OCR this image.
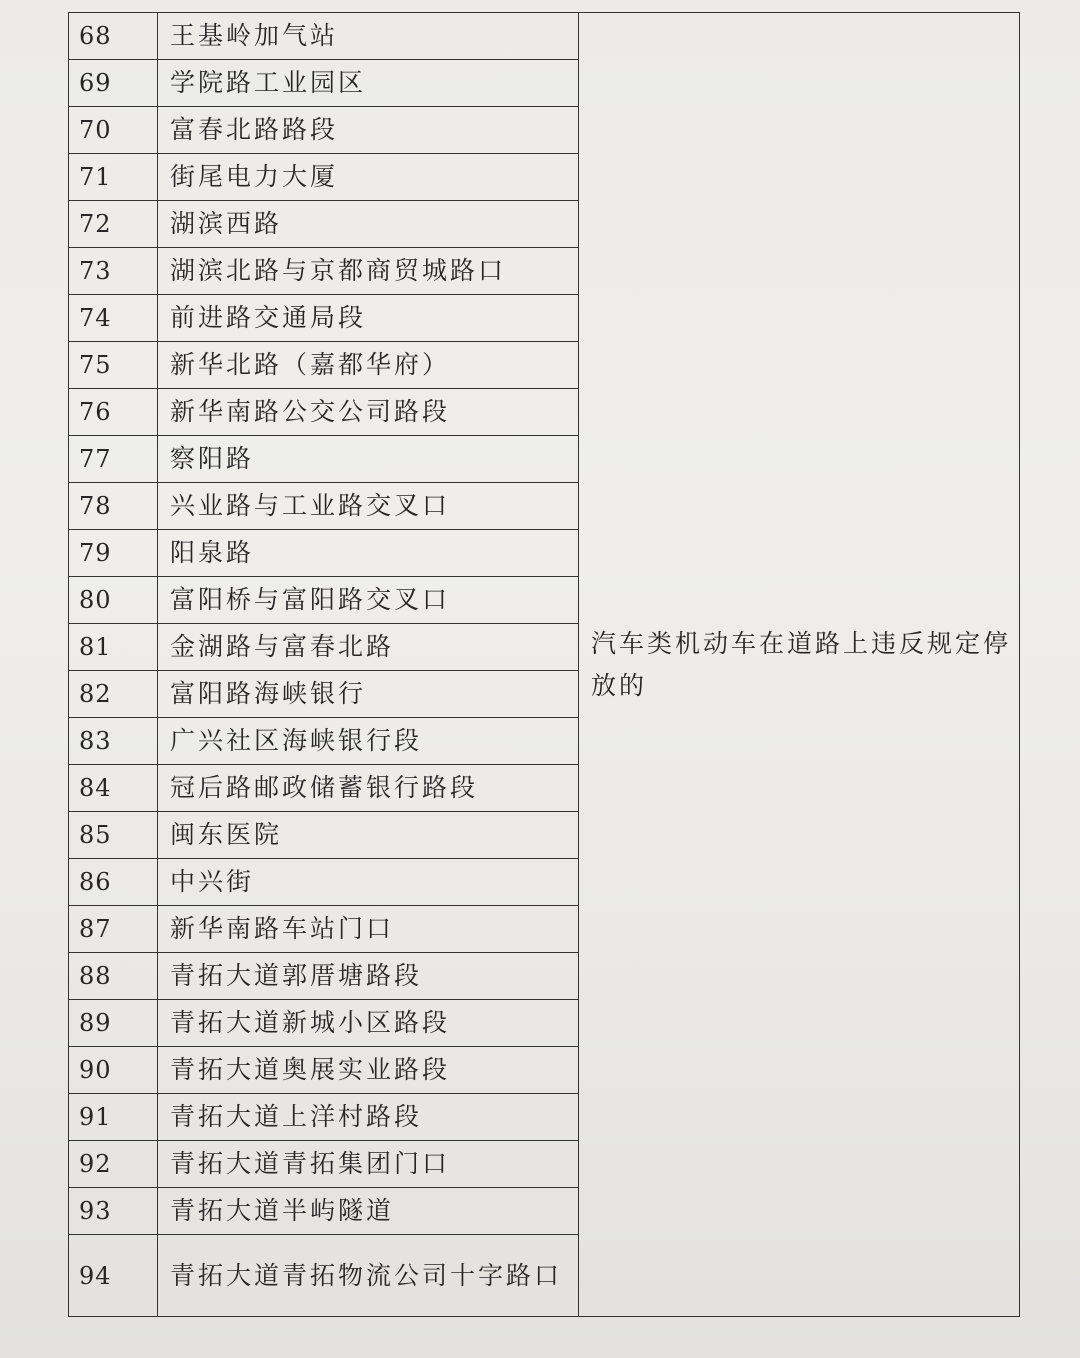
68	王基岭加气站	汽车类机动车在道路上违反规定停放的
69	学院路工业园区	
70	富春北路路段	
71	街尾电力大厦	
72	湖滨西路	
73	湖滨北路与京都商贸城路口	
74	前进路交通局段	
75	新华北路（嘉都华府）	
76	新华南路公交公司路段	
77	察阳路	
78	兴业路与工业路交叉口	
79	阳泉路	
80	富阳桥与富阳路交叉口	
81	金湖路与富春北路	
82	富阳路海峡银行	
83	广兴社区海峡银行段	
84	冠后路邮政储蓄银行路段	
85	闽东医院	
86	中兴街	
87	新华南路车站门口	
88	青拓大道郭厝塘路段	
89	青拓大道新城小区路段	
90	青拓大道奥展实业路段	
91	青拓大道上洋村路段	
92	青拓大道青拓集团门口	
93	青拓大道半屿隧道	
94	青拓大道青拓物流公司十字路口	
